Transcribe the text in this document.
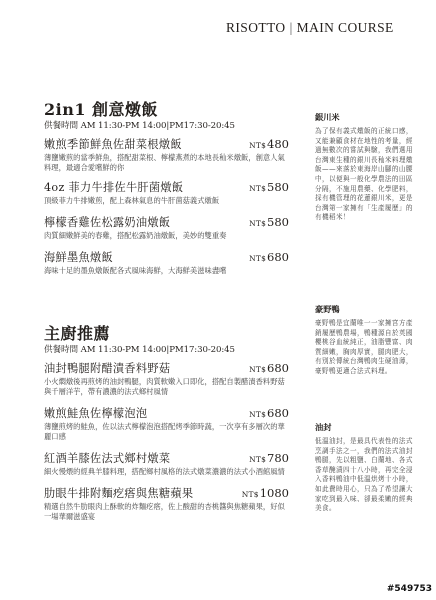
RISOTTO | MAIN COURSE
2in1 創意燉飯
供餐時間 AM 11:30-PM 14:00|PM17:30-20:45
嫩煎季節鮮魚佐甜菜根燉飯	NT$480
薄鹽嫩煎的當季鮮魚，搭配甜菜根、檸檬燕煮的本地長秈米燉飯，創意人氣料理，最適合愛嚐鮮的你
4oz 菲力牛排佐牛肝菌燉飯	NT$580
頂級菲力牛排嫩煎，配上森林氣息的牛肝菌菇義式燉飯
檸檬香雞佐松露奶油燉飯	NT$580
肉質細嫩鮮美的春雞，搭配松露奶油燉飯，美妙的雙重奏
海鮮墨魚燉飯	NT$680
海味十足的墨魚燉飯配各式風味海鮮，大海鮮美滋味盡嚐
主廚推薦
供餐時間 AM 11:30-PM 14:00|PM17:30-20:45
油封鴨腿附醋漬香料野菇	NT$680
小火燜燉後再煎烤的油封鴨腿，肉質軟嫩入口即化，搭配自製醋漬香料野菇與千層洋芋，帶有濃濃的法式鄉村風情
嫩煎鮭魚佐檸檬泡泡	NT$680
薄鹽煎烤的鮭魚，佐以法式檸檬泡泡搭配烤季節時蔬，一次享有多層次的華麗口感
紅酒羊膝佐法式鄉村燉菜	NT$780
細火慢煨的經典羊膝料理，搭配鄉村風格的法式燉菜濃濃的法式小酒館風情
肋眼牛排附麵疙瘩與焦糖蘋果	NT$1080
精選自然牛肋眼肉上酥軟的炸麵疙瘩，佐上酸甜的杏桃醬與焦糖蘋果，好似一場華爾滋盛宴
銀川米
為了保有義式燉飯的正統口感，又能兼顧食材在地性的考量，經過無數次的嘗試與驗，我們選用台灣東生種的銀川長秈米料理燉飯——來落於東海岸山腳的山腰中，以便與一般化學農法的田區分隔，不施用農藥、化學肥料，採有機管理的花蓮銀川米，更是台灣第一家擁有「生產履歷」的有機稻米！
豪野鴨
豪野鴨是宜蘭唯一一家擁宮方產銷履歷鴨農場，鴨種源自於英國櫻桃谷血統純正，油脂豐富、肉質細嫩，胸肉厚實，腿肉肥大，有別於傳統台灣鴨肉生硬油薄，豪野鴨更適合法式料理。
油封
低溫油封，是最具代表性的法式烹調手法之一，我們的法式油封鴨腿，先以粗鹽、白蘭地、各式香草醃漬四十八小時，再完全浸入香料鴨油中低溫烘烤十小時，如此費時用心，只為了希望讓大家吃到最入味、卻最柔嫩的經典美食。
#549753
